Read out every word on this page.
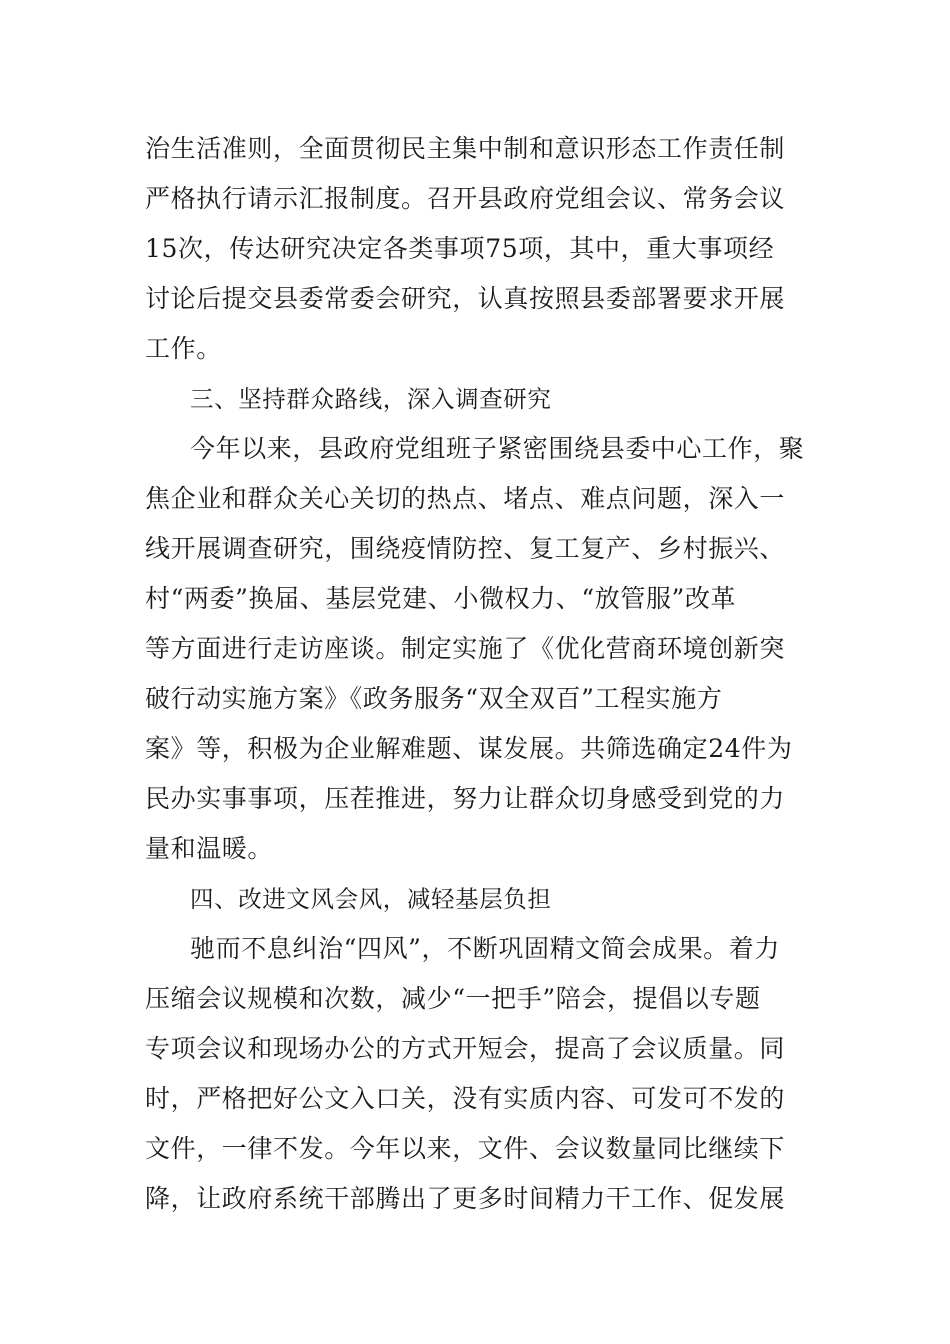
治生活准则，全面贯彻民主集中制和意识形态工作责任制
严格执行请示汇报制度。召开县政府党组会议、常务会议
15次，传达研究决定各类事项75项，其中，重大事项经
讨论后提交县委常委会研究，认真按照县委部署要求开展
工作。
三、坚持群众路线，深入调查研究
今年以来，县政府党组班子紧密围绕县委中心工作，聚
焦企业和群众关心关切的热点、堵点、难点问题，深入一
线开展调查研究，围绕疫情防控、复工复产、乡村振兴、
村“两委”换届、基层党建、小微权力、“放管服”改革
等方面进行走访座谈。制定实施了《优化营商环境创新突
破行动实施方案》《政务服务“双全双百”工程实施方
案》等，积极为企业解难题、谋发展。共筛选确定24件为
民办实事事项，压茬推进，努力让群众切身感受到党的力
量和温暖。
四、改进文风会风，减轻基层负担
驰而不息纠治“四风”，不断巩固精文简会成果。着力
压缩会议规模和次数，减少“一把手”陪会，提倡以专题
专项会议和现场办公的方式开短会，提高了会议质量。同
时，严格把好公文入口关，没有实质内容、可发可不发的
文件，一律不发。今年以来，文件、会议数量同比继续下
降，让政府系统干部腾出了更多时间精力干工作、促发展
